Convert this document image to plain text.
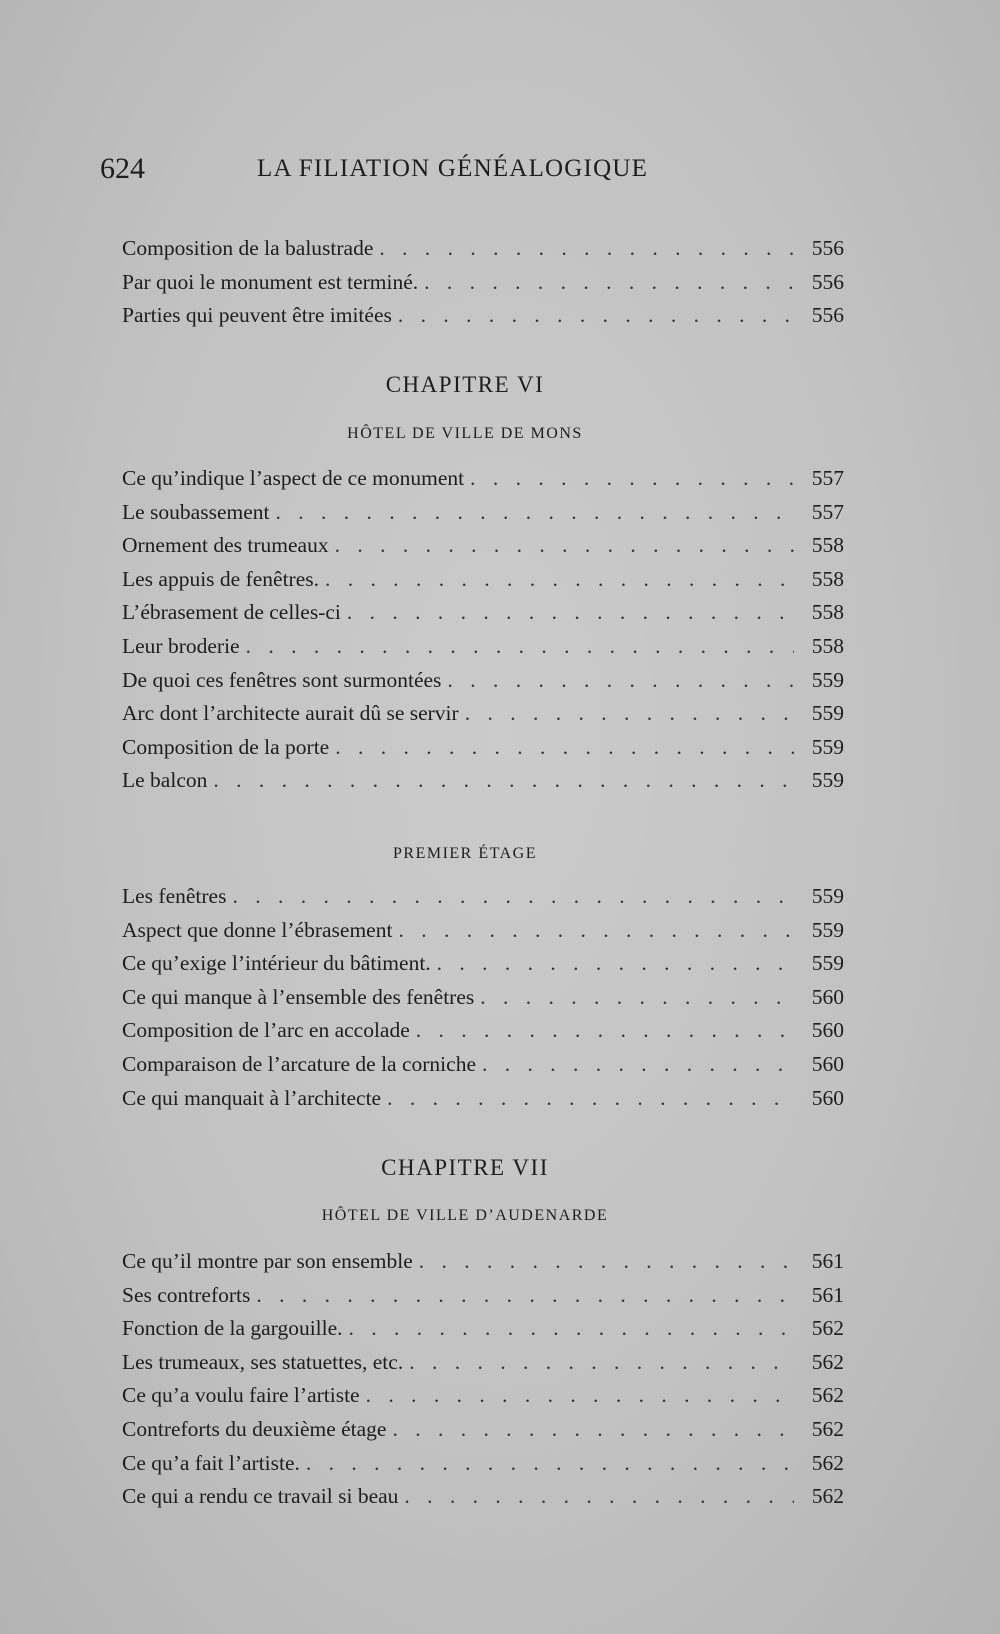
624	LA FILIATION GÉNÉALOGIQUE
Composition de la balustrade . . .	556
Par quoi le monument est terminé. . . .	556
Parties qui peuvent être imitées . . .	556
CHAPITRE VI
HÔTEL DE VILLE DE MONS
Ce qu’indique l’aspect de ce monument . . .	557
Le soubassement . . .	557
Ornement des trumeaux . . .	558
Les appuis de fenêtres. . . .	558
L’ébrasement de celles-ci . . .	558
Leur broderie . . .	558
De quoi ces fenêtres sont surmontées . . .	559
Arc dont l’architecte aurait dû se servir . . .	559
Composition de la porte . . .	559
Le balcon . . .	559
PREMIER ÉTAGE
Les fenêtres . . .	559
Aspect que donne l’ébrasement . . .	559
Ce qu’exige l’intérieur du bâtiment. . . .	559
Ce qui manque à l’ensemble des fenêtres . . .	560
Composition de l’arc en accolade . . .	560
Comparaison de l’arcature de la corniche . . .	560
Ce qui manquait à l’architecte . . .	560
CHAPITRE VII
HÔTEL DE VILLE D’AUDENARDE
Ce qu’il montre par son ensemble . . .	561
Ses contreforts . . .	561
Fonction de la gargouille. . . .	562
Les trumeaux, ses statuettes, etc. . . .	562
Ce qu’a voulu faire l’artiste . . .	562
Contreforts du deuxième étage . . .	562
Ce qu’a fait l’artiste. . . .	562
Ce qui a rendu ce travail si beau . . .	562
